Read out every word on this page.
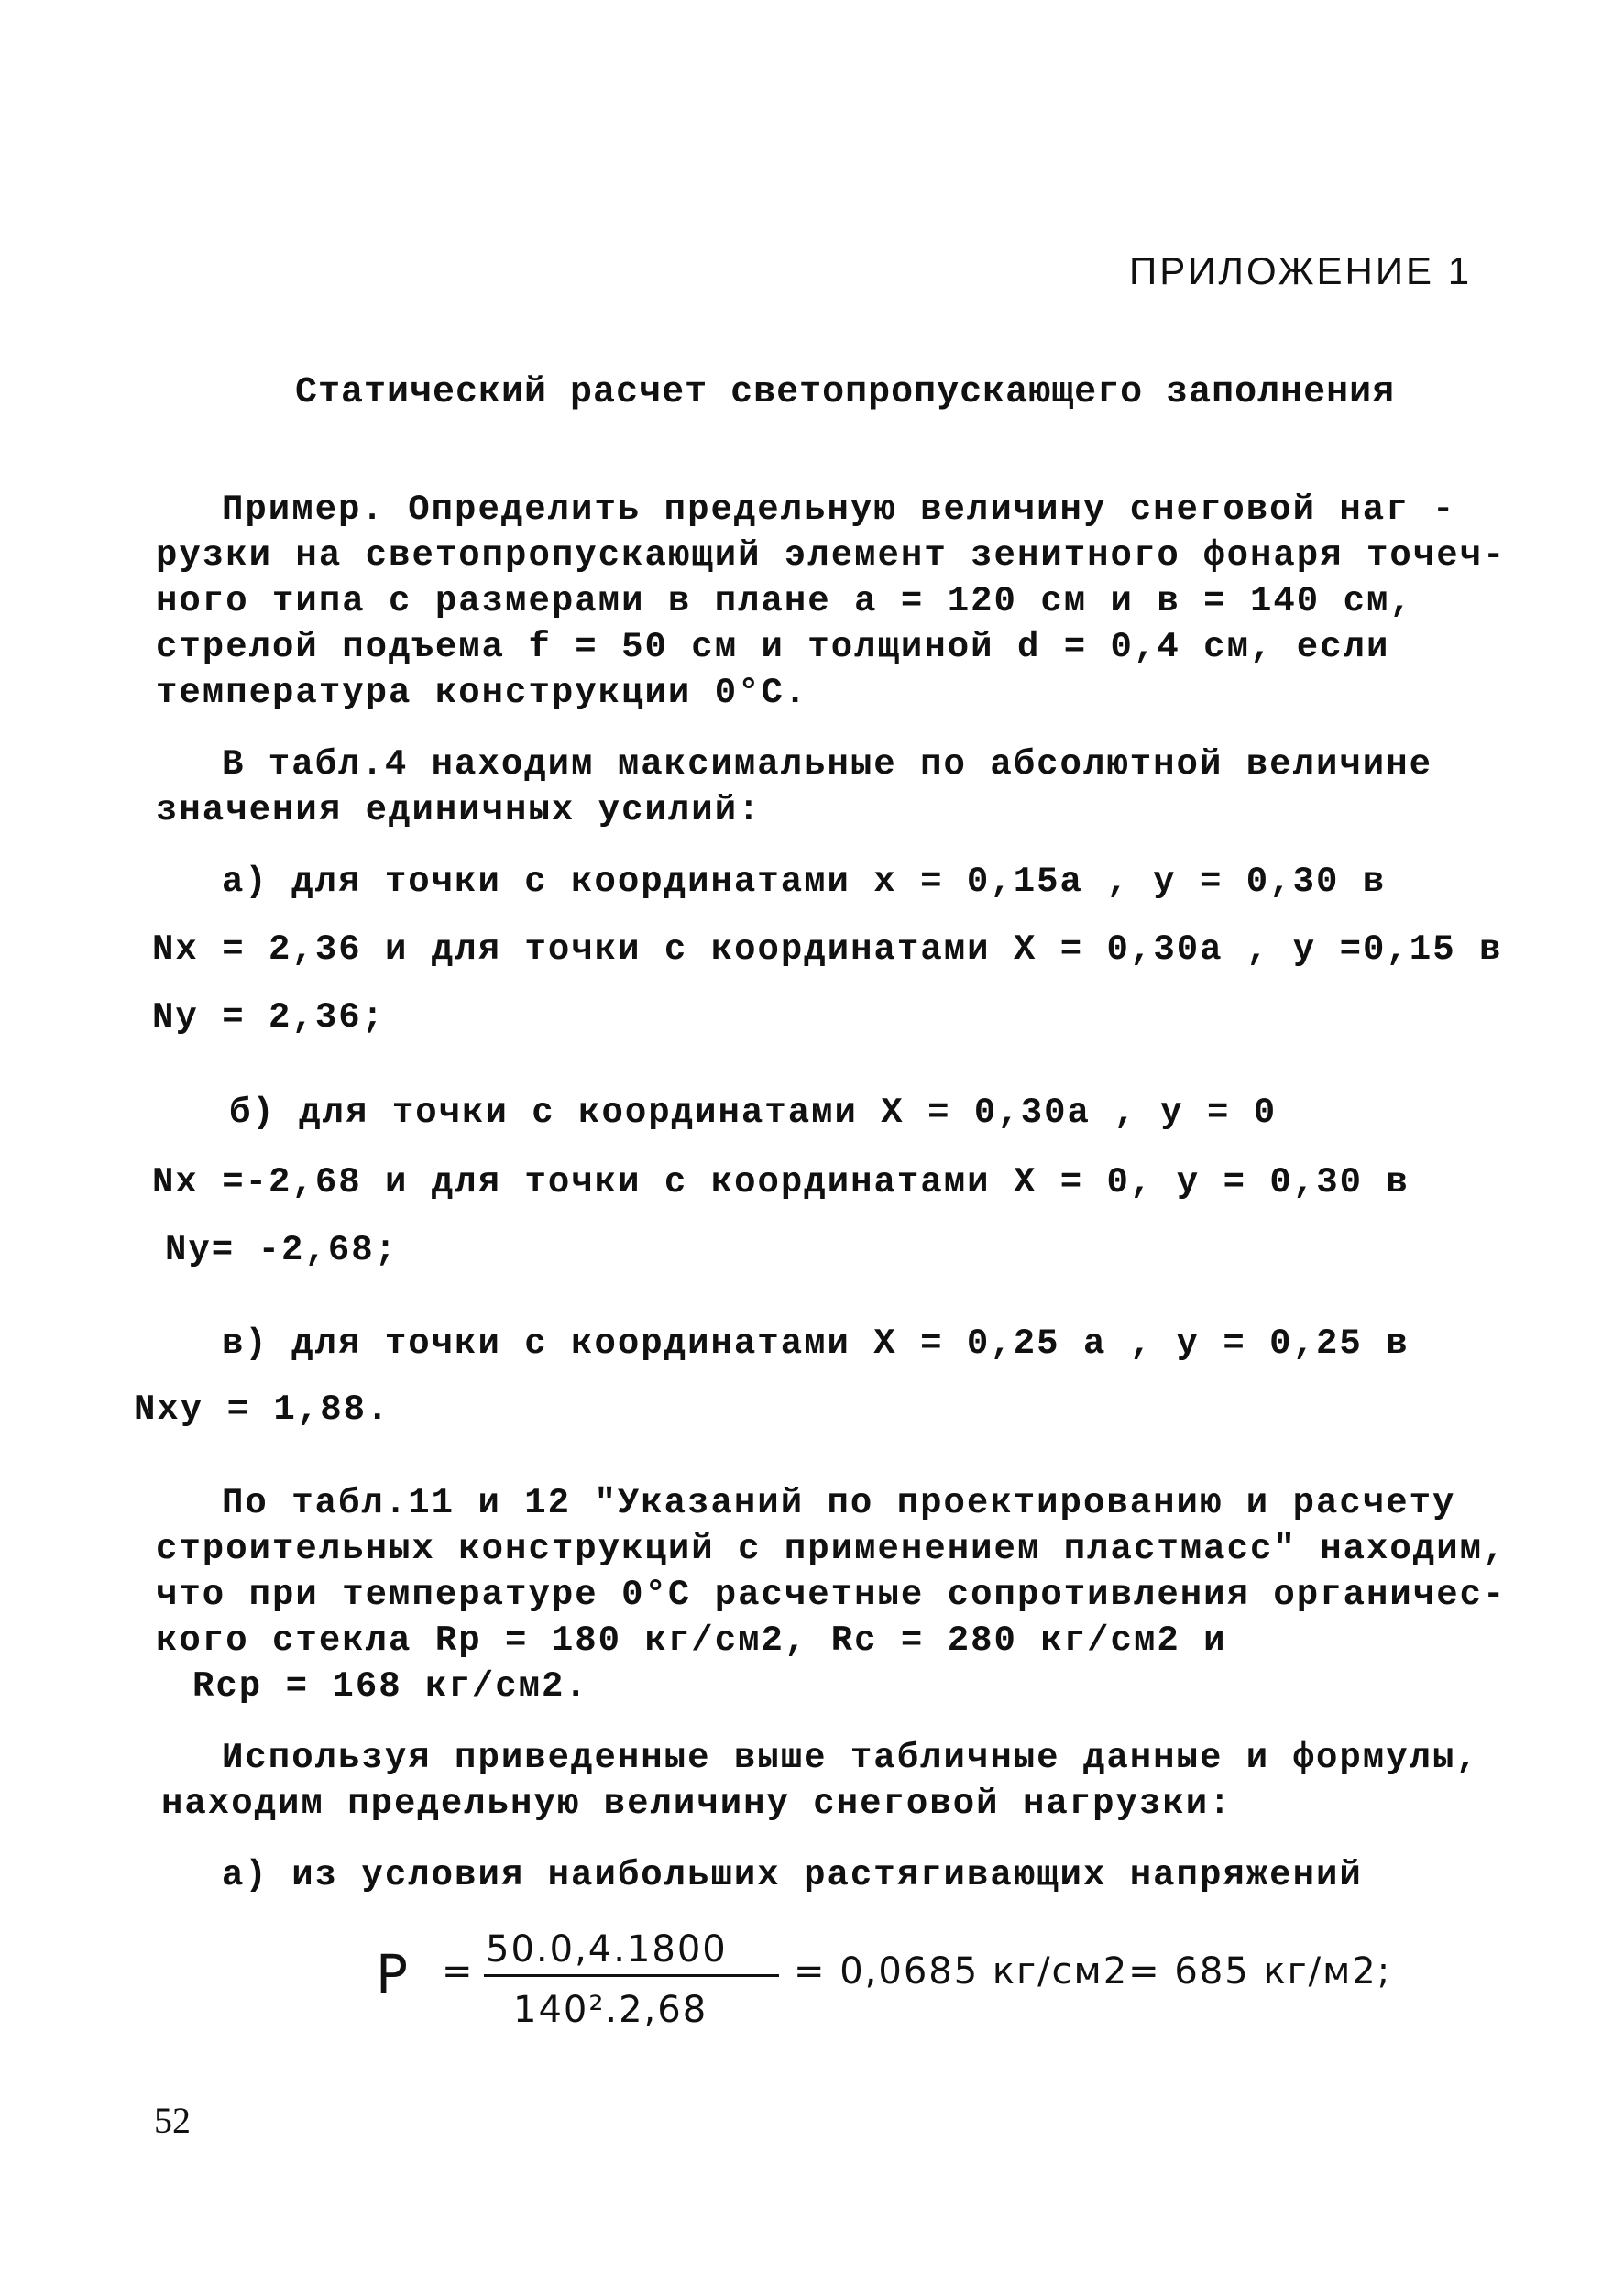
ПРИЛОЖЕНИЕ 1
Статический расчет светопропускающего заполнения
Пример. Определить предельную величину снеговой наг -
рузки на светопропускающий элемент зенитного фонаря точеч-
ного типа с размерами в плане а = 120 см и в = 140 см,
стрелой подъема f = 50 см и толщиной d = 0,4 см, если
температура конструкции 0°С.
В табл.4 находим максимальные по абсолютной величине
значения единичных усилий:
а) для точки с координатами х = 0,15а , у = 0,30 в
Nx = 2,36 и для точки с координатами X = 0,30а , у =0,15 в
Ny = 2,36;
б) для точки с координатами X = 0,30а , у = 0
Nx =-2,68 и для точки с координатами X = 0, у = 0,30 в
Ny= -2,68;
в) для точки с координатами X = 0,25 а , у = 0,25 в
Nxy = 1,88.
По табл.11 и 12 "Указаний по проектированию и расчету
строительных конструкций с применением пластмасс" находим,
что при температуре 0°С расчетные сопротивления органичес-
кого стекла Rp = 180 кг/см2, Rc = 280 кг/см2 и
Rcp = 168 кг/см2.
Используя приведенные выше табличные данные и формулы,
находим предельную величину снеговой нагрузки:
а) из условия наибольших растягивающих напряжений
P =
50.0,4.1800
140².2,68
= 0,0685 кг/см2= 685 кг/м2;
52
